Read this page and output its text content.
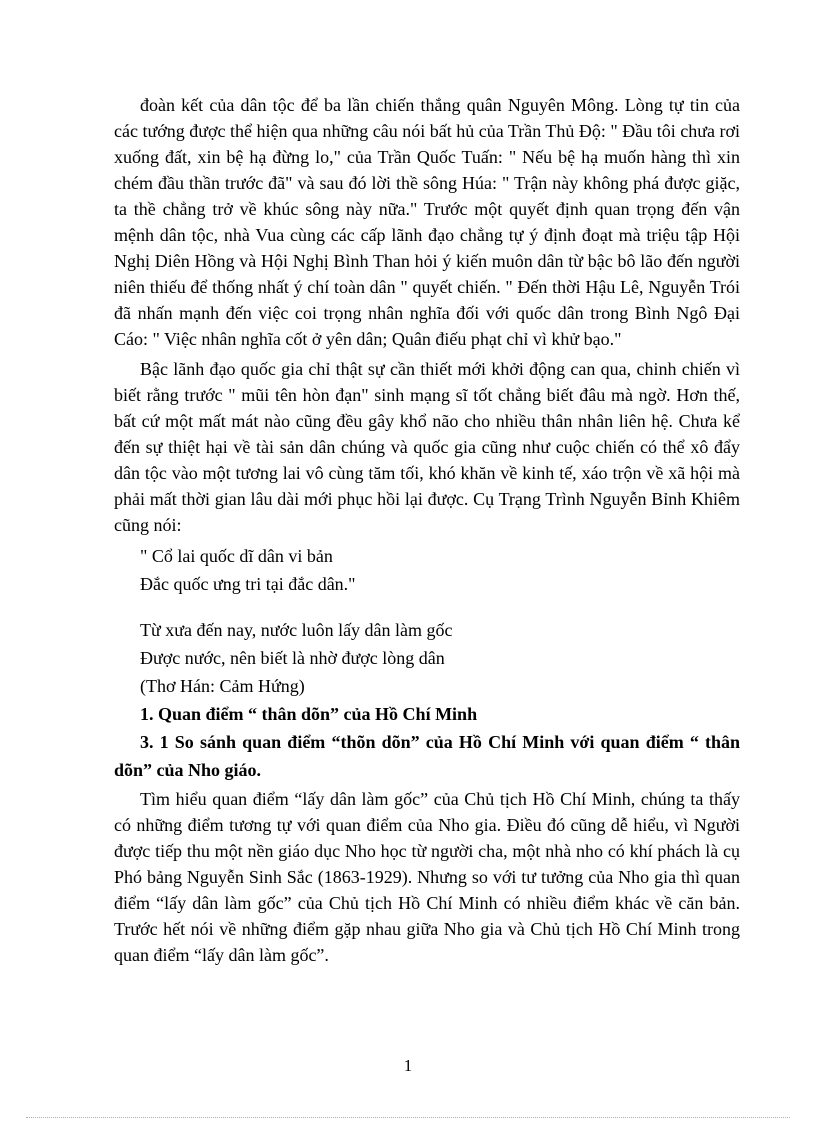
đoàn kết của dân tộc để ba lần chiến thắng quân Nguyên Mông. Lòng tự tin của các tướng được thể hiện qua những câu nói bất hủ của Trần Thủ Độ: " Đầu tôi chưa rơi xuống đất, xin bệ hạ đừng lo," của Trần Quốc Tuấn: " Nếu bệ hạ muốn hàng thì xin chém đầu thần trước đã" và sau đó lời thề sông Húa: " Trận này không phá được giặc, ta thề chẳng trở về khúc sông này nữa." Trước một quyết định quan trọng đến vận mệnh dân tộc, nhà Vua cùng các cấp lãnh đạo chẳng tự ý định đoạt mà triệu tập Hội Nghị Diên Hồng và Hội Nghị Bình Than hỏi ý kiến muôn dân từ bậc bô lão đến người niên thiếu để thống nhất ý chí toàn dân " quyết chiến. " Đến thời Hậu Lê, Nguyễn Trói đã nhấn mạnh đến việc coi trọng nhân nghĩa đối với quốc dân trong Bình Ngô Đại Cáo: " Việc nhân nghĩa cốt ở yên dân; Quân điếu phạt chỉ vì khử bạo."

Bậc lãnh đạo quốc gia chỉ thật sự cần thiết mới khởi động can qua, chinh chiến vì biết rằng trước " mũi tên hòn đạn" sinh mạng sĩ tốt chẳng biết đâu mà ngờ. Hơn thế, bất cứ một mất mát nào cũng đều gây khổ não cho nhiều thân nhân liên hệ. Chưa kể đến sự thiệt hại về tài sản dân chúng và quốc gia cũng như cuộc chiến có thể xô đẩy dân tộc vào một tương lai vô cùng tăm tối, khó khăn về kinh tế, xáo trộn về xã hội mà phải mất thời gian lâu dài mới phục hồi lại được. Cụ Trạng Trình Nguyễn Bỉnh Khiêm cũng nói:

" Cổ lai quốc dĩ dân vi bản
Đắc quốc ưng tri tại đắc dân."
Từ xưa đến nay, nước luôn lấy dân làm gốc
Được nước, nên biết là nhờ được lòng dân
(Thơ Hán: Cảm Hứng)

1. Quan điểm “ thân dõn” của Hồ Chí Minh

3. 1 So sánh quan điểm “thõn dõn” của Hồ Chí Minh với quan điểm “ thân dõn” của Nho giáo.

Tìm hiểu quan điểm “lấy dân làm gốc” của Chủ tịch Hồ Chí Minh, chúng ta thấy có những điểm tương tự với quan điểm của Nho gia. Điều đó cũng dễ hiểu, vì Người được tiếp thu một nền giáo dục Nho học từ người cha, một nhà nho có khí phách là cụ Phó bảng Nguyễn Sinh Sắc (1863-1929). Nhưng so với tư tưởng của Nho gia thì quan điểm “lấy dân làm gốc” của Chủ tịch Hồ Chí Minh có nhiều điểm khác về căn bản. Trước hết nói về những điểm gặp nhau giữa Nho gia và Chủ tịch Hồ Chí Minh trong quan điểm “lấy dân làm gốc”.

1
